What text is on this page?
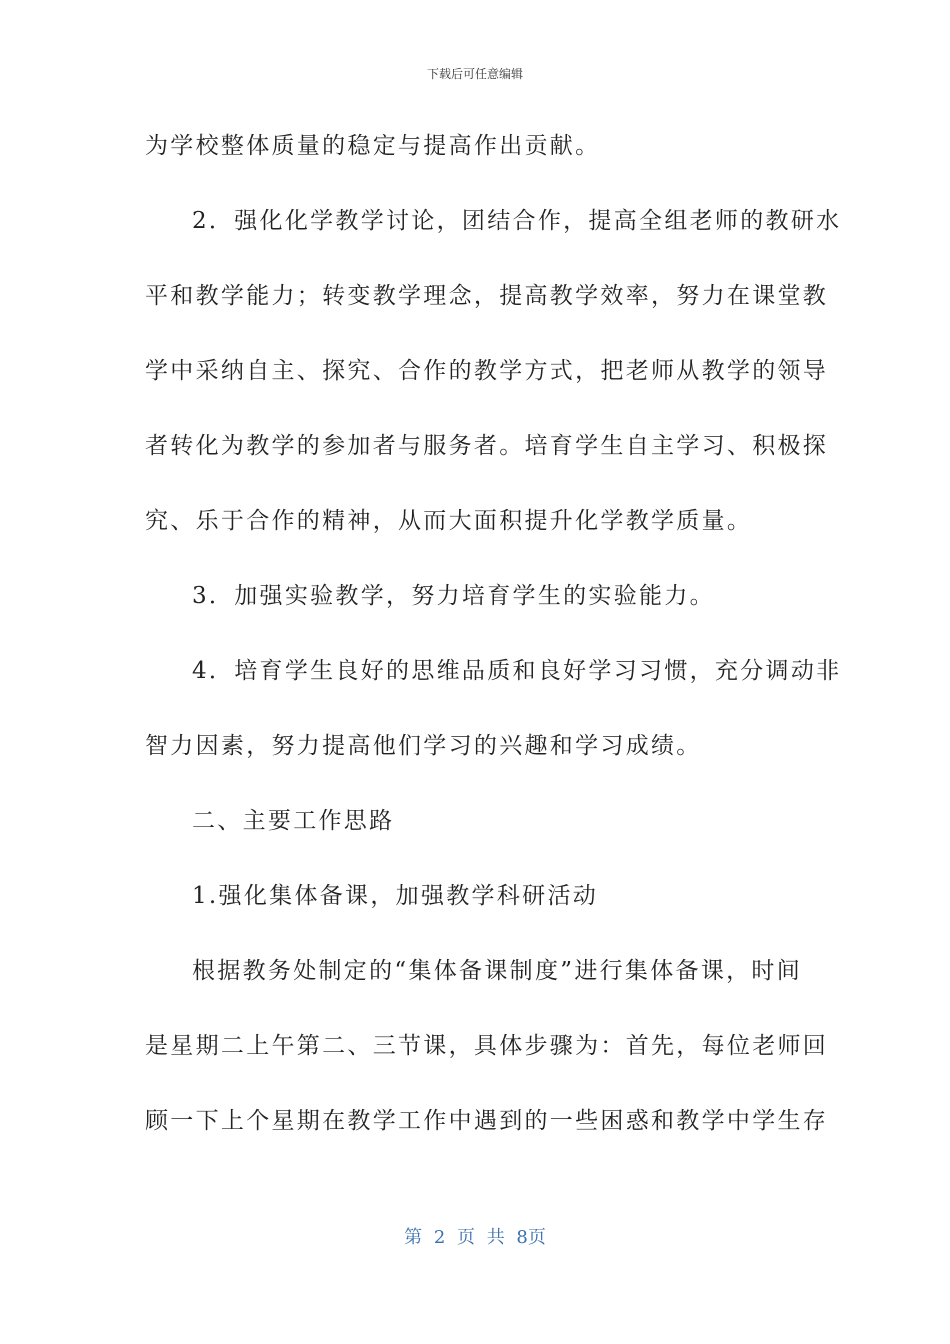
下载后可任意编辑
为学校整体质量的稳定与提高作出贡献。
2．强化化学教学讨论，团结合作，提高全组老师的教研水
平和教学能力；转变教学理念，提高教学效率，努力在课堂教
学中采纳自主、探究、合作的教学方式，把老师从教学的领导
者转化为教学的参加者与服务者。培育学生自主学习、积极探
究、乐于合作的精神，从而大面积提升化学教学质量。
3．加强实验教学，努力培育学生的实验能力。
4．培育学生良好的思维品质和良好学习习惯，充分调动非
智力因素，努力提高他们学习的兴趣和学习成绩。
二、主要工作思路
1.强化集体备课，加强教学科研活动
根据教务处制定的“集体备课制度”进行集体备课，时间
是星期二上午第二、三节课，具体步骤为：首先，每位老师回
顾一下上个星期在教学工作中遇到的一些困惑和教学中学生存
第 2 页 共 8页
